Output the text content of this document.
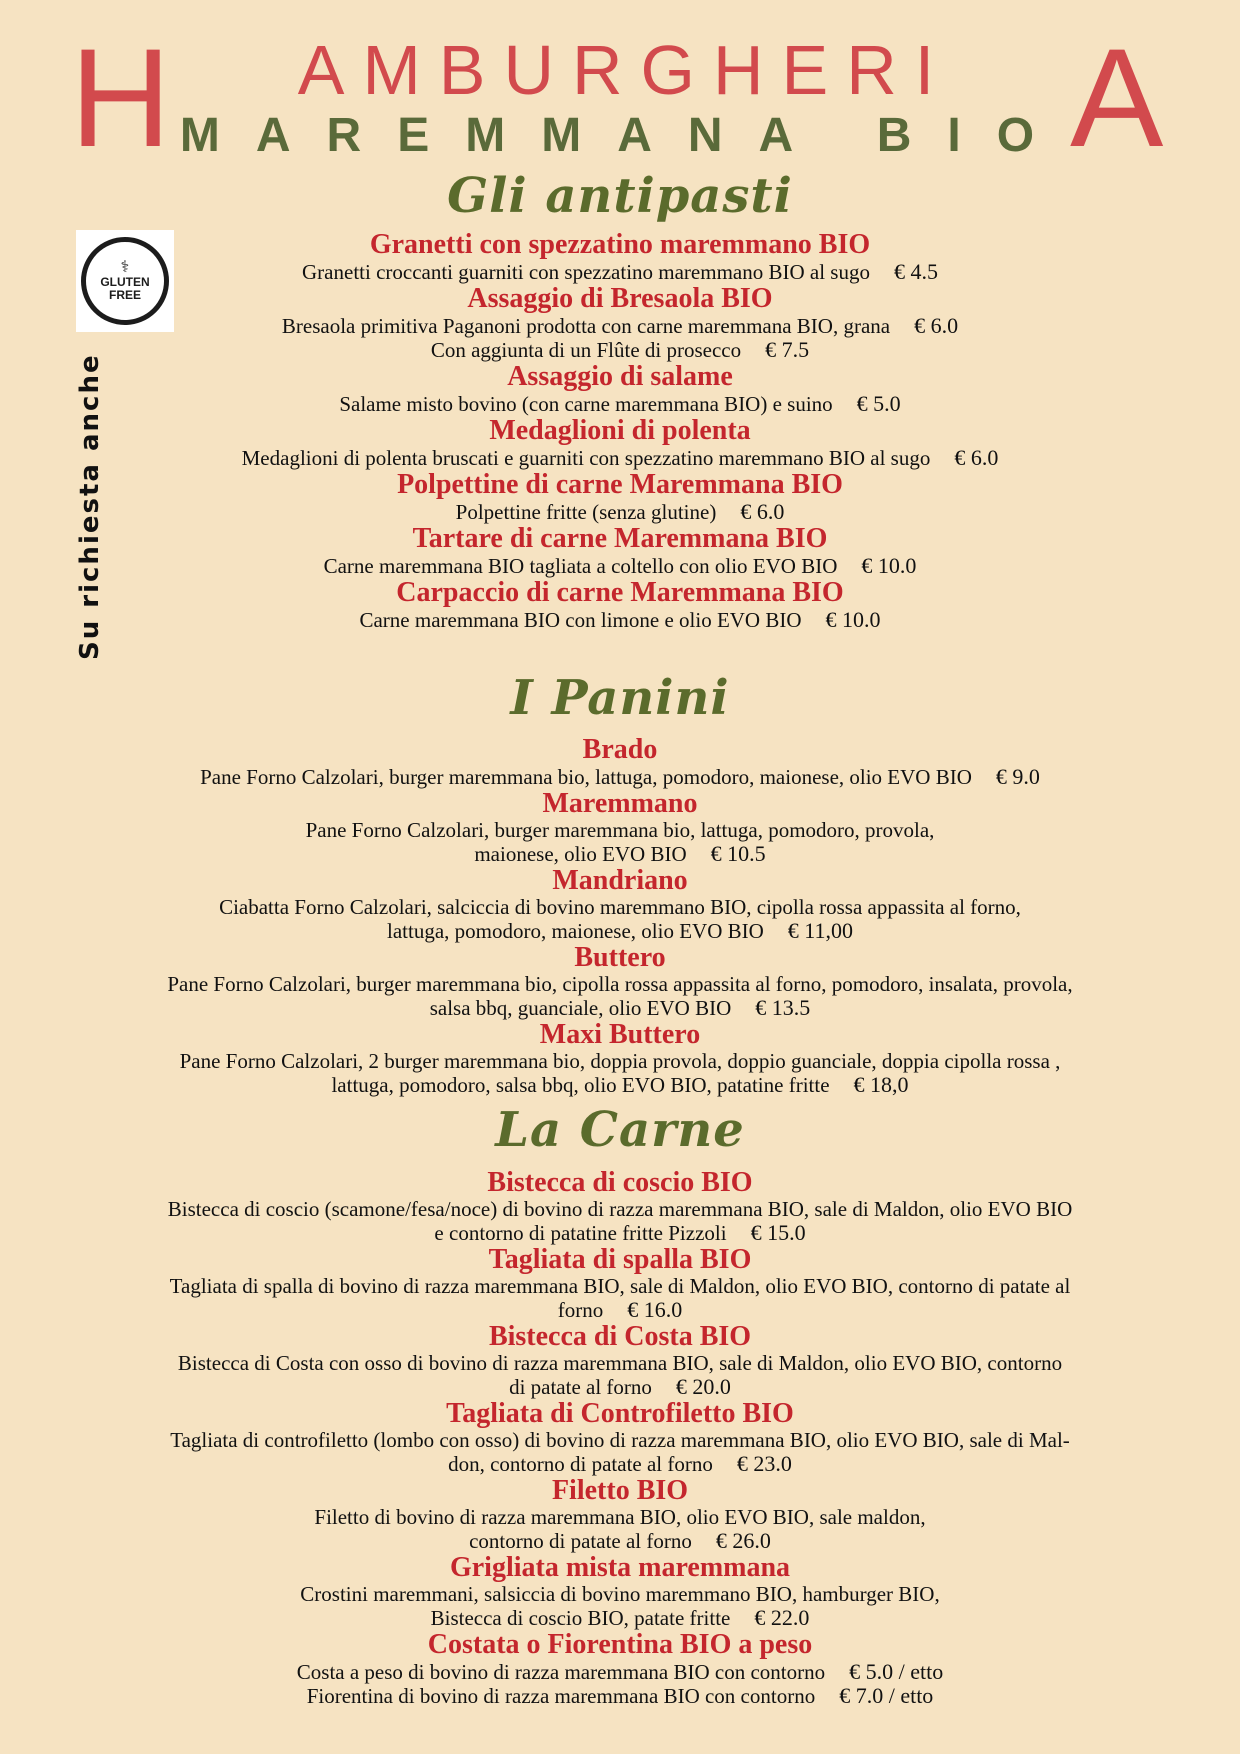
H	AMBURGHERI
MAREMMANA BIO A
Gli antipasti
⚕
GLUTEN
FREE
Su richiesta anche
Granetti con spezzatino maremmano BIO
Granetti croccanti guarniti con spezzatino maremmano BIO al sugo € 4.5
Assaggio di Bresaola BIO
Bresaola primitiva Paganoni prodotta con carne maremmana BIO, grana € 6.0
Con aggiunta di un Flûte di prosecco € 7.5
Assaggio di salame
Salame misto bovino (con carne maremmana BIO) e suino € 5.0
Medaglioni di polenta
Medaglioni di polenta bruscati e guarniti con spezzatino maremmano BIO al sugo € 6.0
Polpettine di carne Maremmana BIO
Polpettine fritte (senza glutine) € 6.0
Tartare di carne Maremmana BIO
Carne maremmana BIO tagliata a coltello con olio EVO BIO € 10.0
Carpaccio di carne Maremmana BIO
Carne maremmana BIO con limone e olio EVO BIO € 10.0
I Panini
Brado
Pane Forno Calzolari, burger maremmana bio, lattuga, pomodoro, maionese, olio EVO BIO € 9.0
Maremmano
Pane Forno Calzolari, burger maremmana bio, lattuga, pomodoro, provola,
maionese, olio EVO BIO € 10.5
Mandriano
Ciabatta Forno Calzolari, salciccia di bovino maremmano BIO, cipolla rossa appassita al forno,
lattuga, pomodoro, maionese, olio EVO BIO € 11,00
Buttero
Pane Forno Calzolari, burger maremmana bio, cipolla rossa appassita al forno, pomodoro, insalata, provola,
salsa bbq, guanciale, olio EVO BIO € 13.5
Maxi Buttero
Pane Forno Calzolari, 2 burger maremmana bio, doppia provola, doppio guanciale, doppia cipolla rossa ,
lattuga, pomodoro, salsa bbq, olio EVO BIO, patatine fritte € 18,0
La Carne
Bistecca di coscio BIO
Bistecca di coscio (scamone/fesa/noce) di bovino di razza maremmana BIO, sale di Maldon, olio EVO BIO
e contorno di patatine fritte Pizzoli € 15.0
Tagliata di spalla BIO
Tagliata di spalla di bovino di razza maremmana BIO, sale di Maldon, olio EVO BIO, contorno di patate al
forno € 16.0
Bistecca di Costa BIO
Bistecca di Costa con osso di bovino di razza maremmana BIO, sale di Maldon, olio EVO BIO, contorno
di patate al forno € 20.0
Tagliata di Controfiletto BIO
Tagliata di controfiletto (lombo con osso) di bovino di razza maremmana BIO, olio EVO BIO, sale di Mal-
don, contorno di patate al forno € 23.0
Filetto BIO
Filetto di bovino di razza maremmana BIO, olio EVO BIO, sale maldon,
contorno di patate al forno € 26.0
Grigliata mista maremmana
Crostini maremmani, salsiccia di bovino maremmano BIO, hamburger BIO,
Bistecca di coscio BIO, patate fritte € 22.0
Costata o Fiorentina BIO a peso
Costa a peso di bovino di razza maremmana BIO con contorno € 5.0 / etto
Fiorentina di bovino di razza maremmana BIO con contorno € 7.0 / etto
